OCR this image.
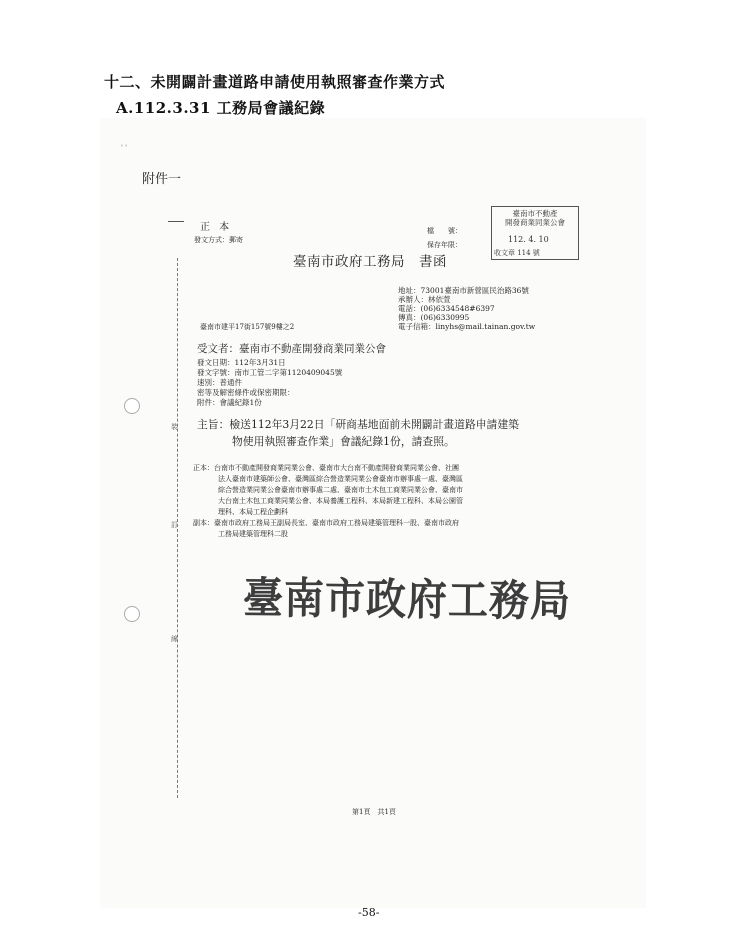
十二、未開闢計畫道路申請使用執照審查作業方式
A.112.3.31 工務局會議紀錄
' '
附件一
裝
訂
線
正 本
發文方式：郵寄
檔　　號：
保存年限：
臺南市不動產
開發商業同業公會
112. 4. 10
收文章 114 號
臺南市政府工務局　書函
地址：73001臺南市新營區民治路36號
承辦人：林依萱
電話：(06)6334548#6397
傳真：(06)6330995
電子信箱：linyhs@mail.tainan.gov.tw
臺南市建平17街157號9樓之2
受文者：臺南市不動產開發商業同業公會
發文日期：112年3月31日
發文字號：南市工管二字第1120409045號
速別：普通件
密等及解密條件或保密期限：
附件：會議紀錄1份
主旨：檢送112年3月22日「研商基地面前未開闢計畫道路申請建築
物使用執照審查作業」會議紀錄1份，請查照。
正本：台南市不動產開發商業同業公會、臺南市大台南不動產開發商業同業公會、社團
法人臺南市建築師公會、臺灣區綜合營造業同業公會臺南市辦事處一處、臺灣區
綜合營造業同業公會臺南市辦事處二處、臺南市土木包工商業同業公會、臺南市
大台南土木包工商業同業公會、本局養護工程科、本局新建工程科、本局公園管
理科、本局工程企劃科
副本：臺南市政府工務局王副局長室、臺南市政府工務局建築管理科一股、臺南市政府
工務局建築管理科二股
臺南市政府工務局
第1頁　共1頁
-58-
